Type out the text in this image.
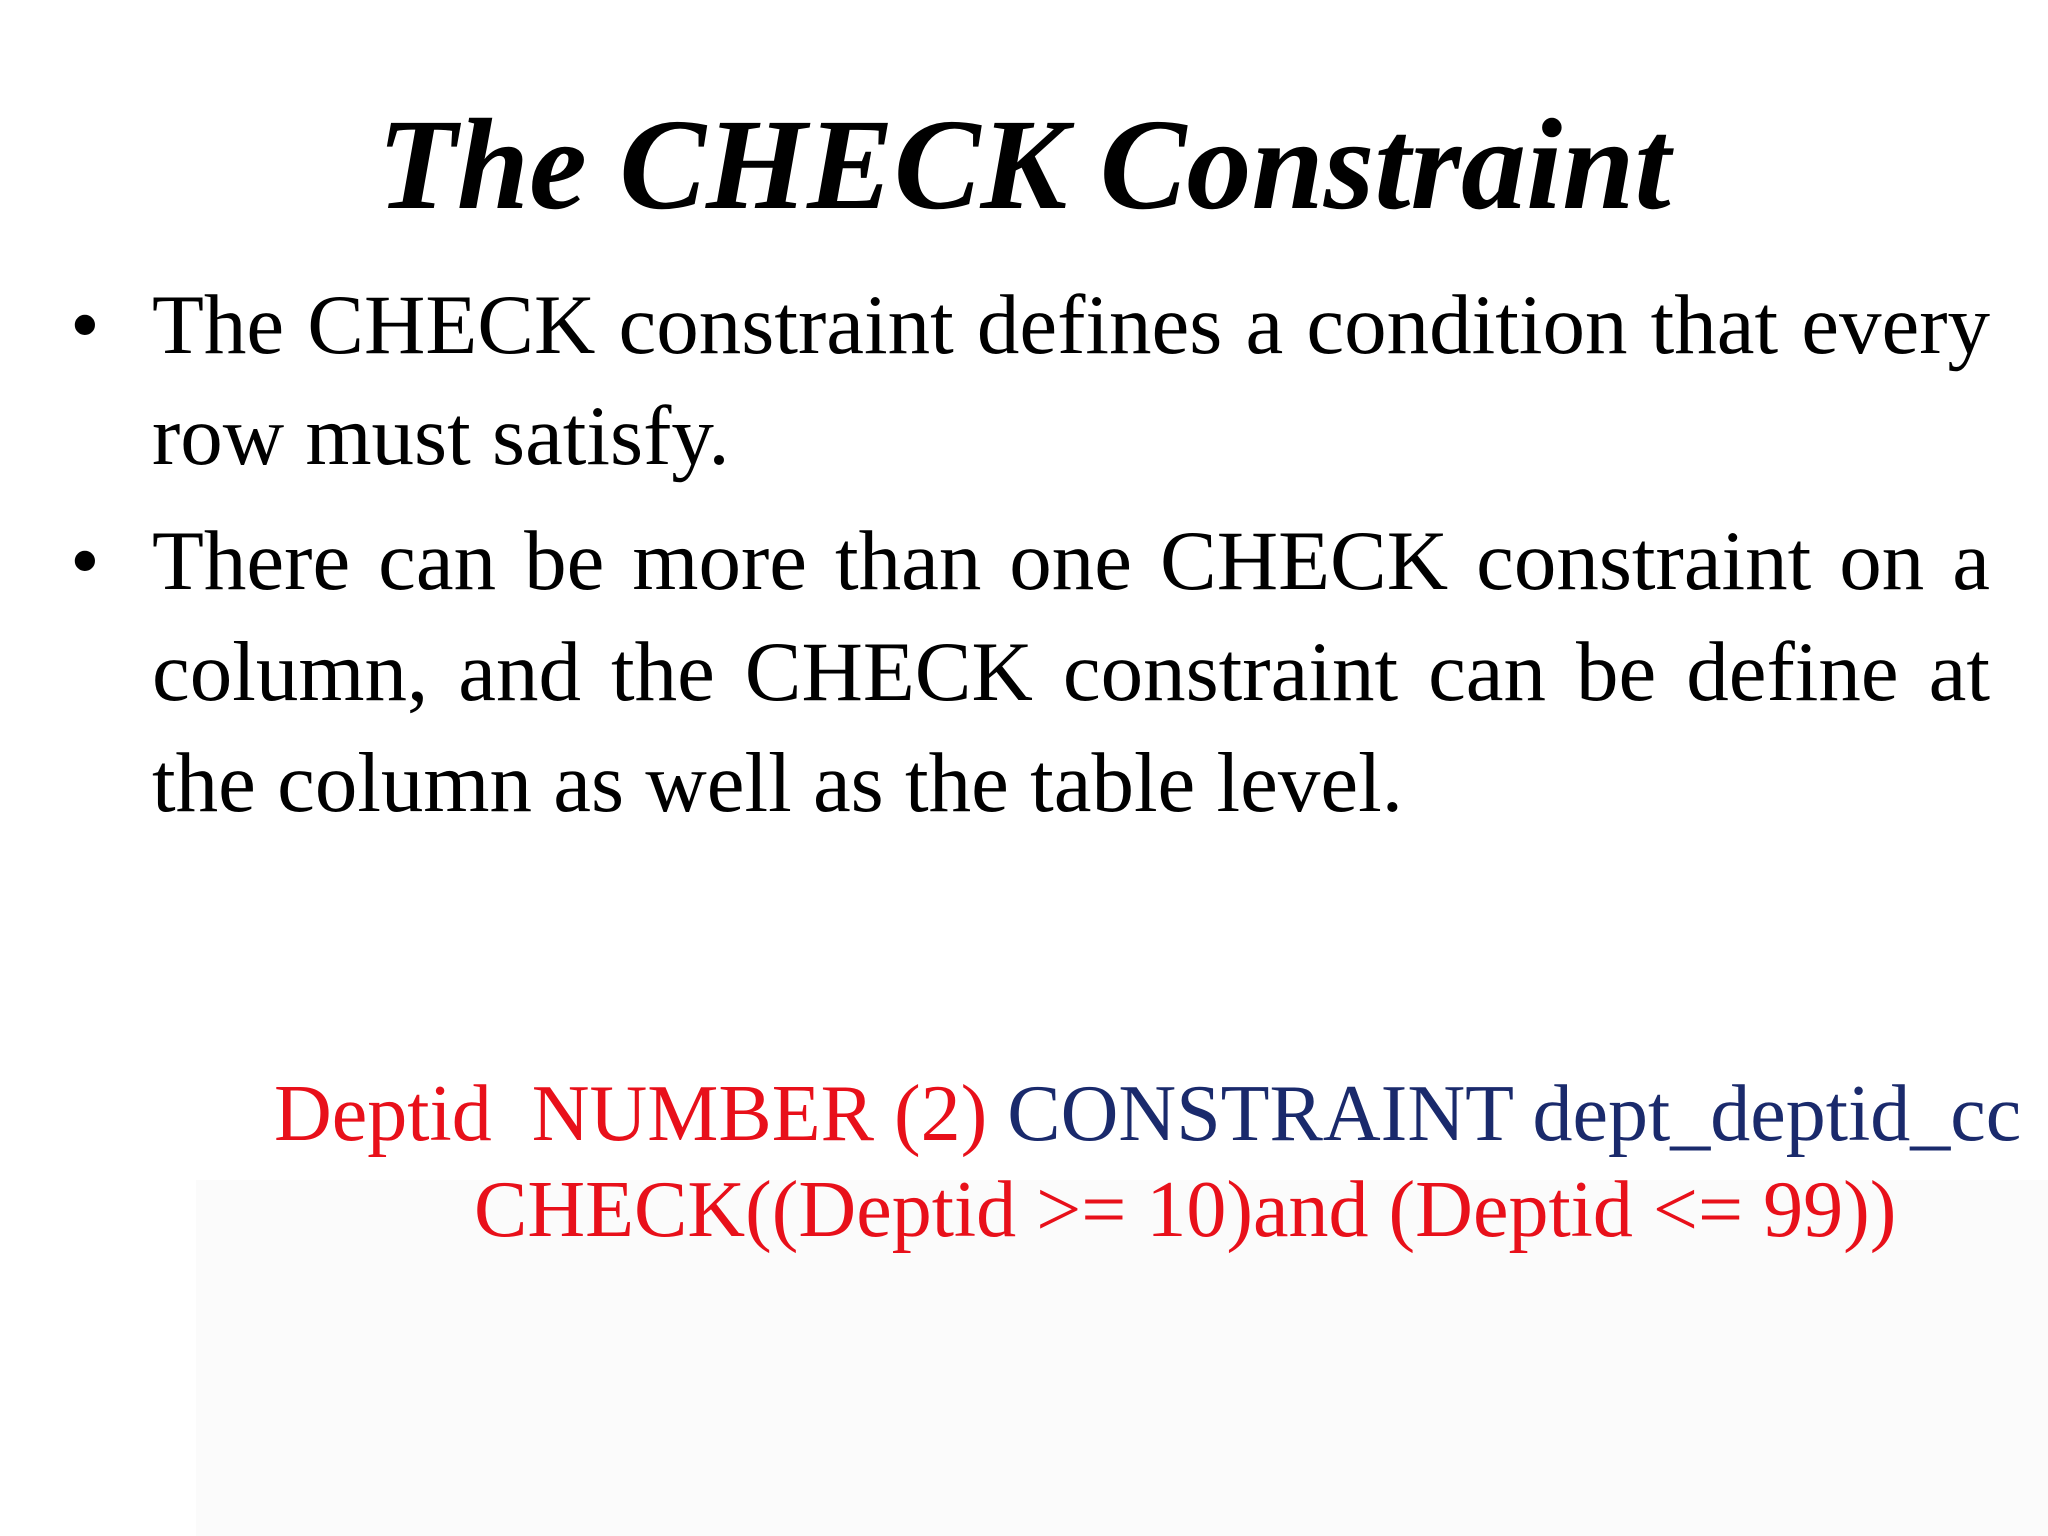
The CHECK Constraint
• The CHECK constraint defines a condition that every row must satisfy.
• There can be more than one CHECK constraint on a column, and the CHECK constraint can be define at the column as well as the table level.

Deptid  NUMBER (2) CONSTRAINT dept_deptid_cc

CHECK((Deptid >= 10)and (Deptid <= 99))
